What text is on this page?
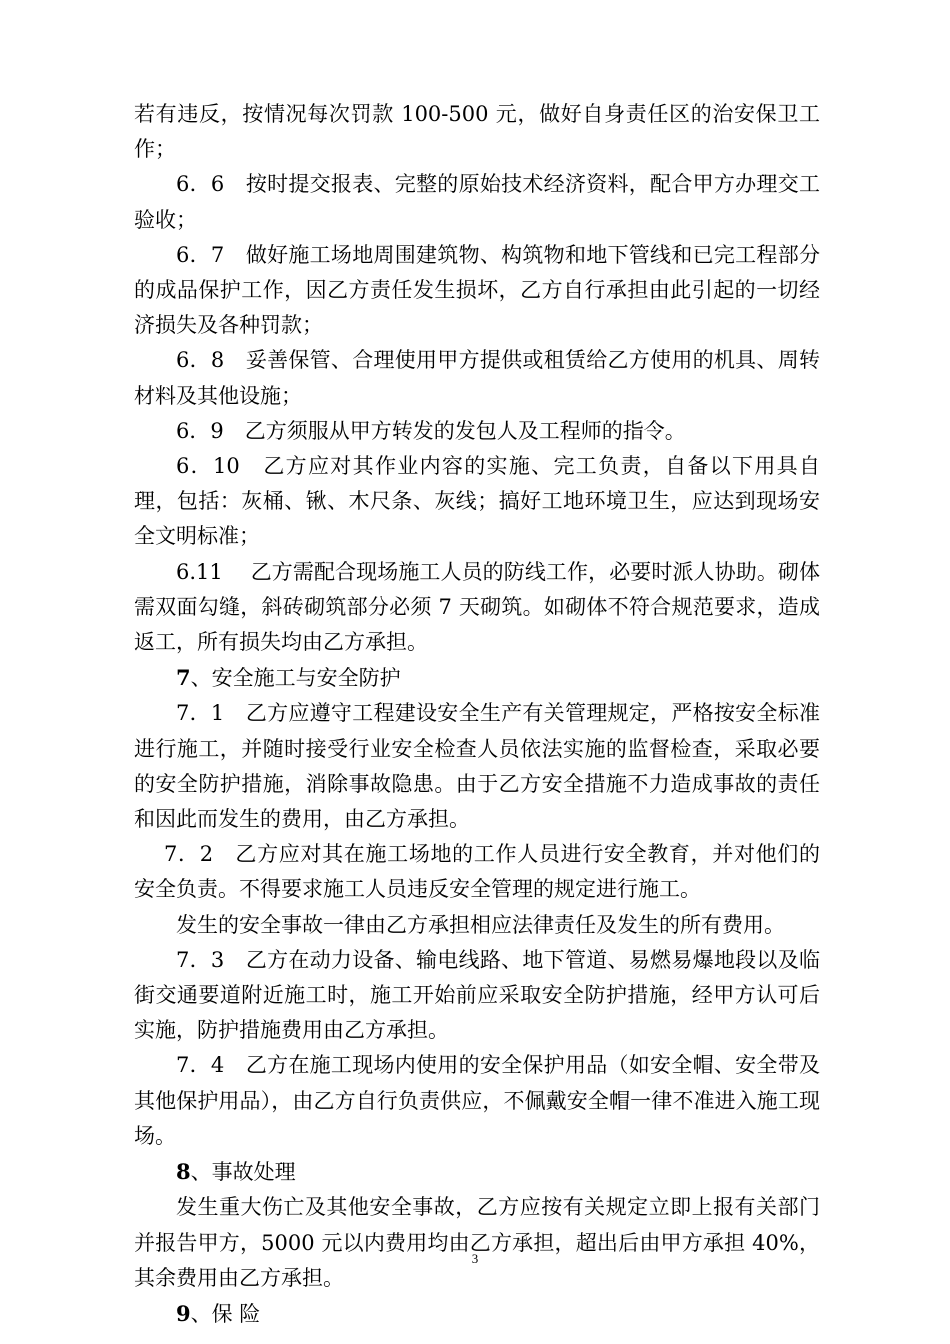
若有违反，按情况每次罚款 100-500 元，做好自身责任区的治安保卫工作；

6．6　按时提交报表、完整的原始技术经济资料，配合甲方办理交工验收；

6．7　做好施工场地周围建筑物、构筑物和地下管线和已完工程部分的成品保护工作，因乙方责任发生损坏，乙方自行承担由此引起的一切经济损失及各种罚款；

6．8　妥善保管、合理使用甲方提供或租赁给乙方使用的机具、周转材料及其他设施；

6．9　乙方须服从甲方转发的发包人及工程师的指令。

6．10　乙方应对其作业内容的实施、完工负责，自备以下用具自理，包括：灰桶、锹、木尺条、灰线；搞好工地环境卫生，应达到现场安全文明标准；

6.11　 乙方需配合现场施工人员的防线工作，必要时派人协助。砌体需双面勾缝，斜砖砌筑部分必须 7 天砌筑。如砌体不符合规范要求，造成返工，所有损失均由乙方承担。

7、安全施工与安全防护

7．1　乙方应遵守工程建设安全生产有关管理规定，严格按安全标准进行施工，并随时接受行业安全检查人员依法实施的监督检查，采取必要的安全防护措施，消除事故隐患。由于乙方安全措施不力造成事故的责任和因此而发生的费用，由乙方承担。

7．2　乙方应对其在施工场地的工作人员进行安全教育，并对他们的安全负责。不得要求施工人员违反安全管理的规定进行施工。

发生的安全事故一律由乙方承担相应法律责任及发生的所有费用。

7．3　乙方在动力设备、输电线路、地下管道、易燃易爆地段以及临街交通要道附近施工时，施工开始前应采取安全防护措施，经甲方认可后实施，防护措施费用由乙方承担。

7．4　乙方在施工现场内使用的安全保护用品（如安全帽、安全带及其他保护用品），由乙方自行负责供应，不佩戴安全帽一律不准进入施工现场。

8、事故处理

发生重大伤亡及其他安全事故，乙方应按有关规定立即上报有关部门并报告甲方，5000 元以内费用均由乙方承担，超出后由甲方承担 40%，其余费用由乙方承担。

9、保 险

3
